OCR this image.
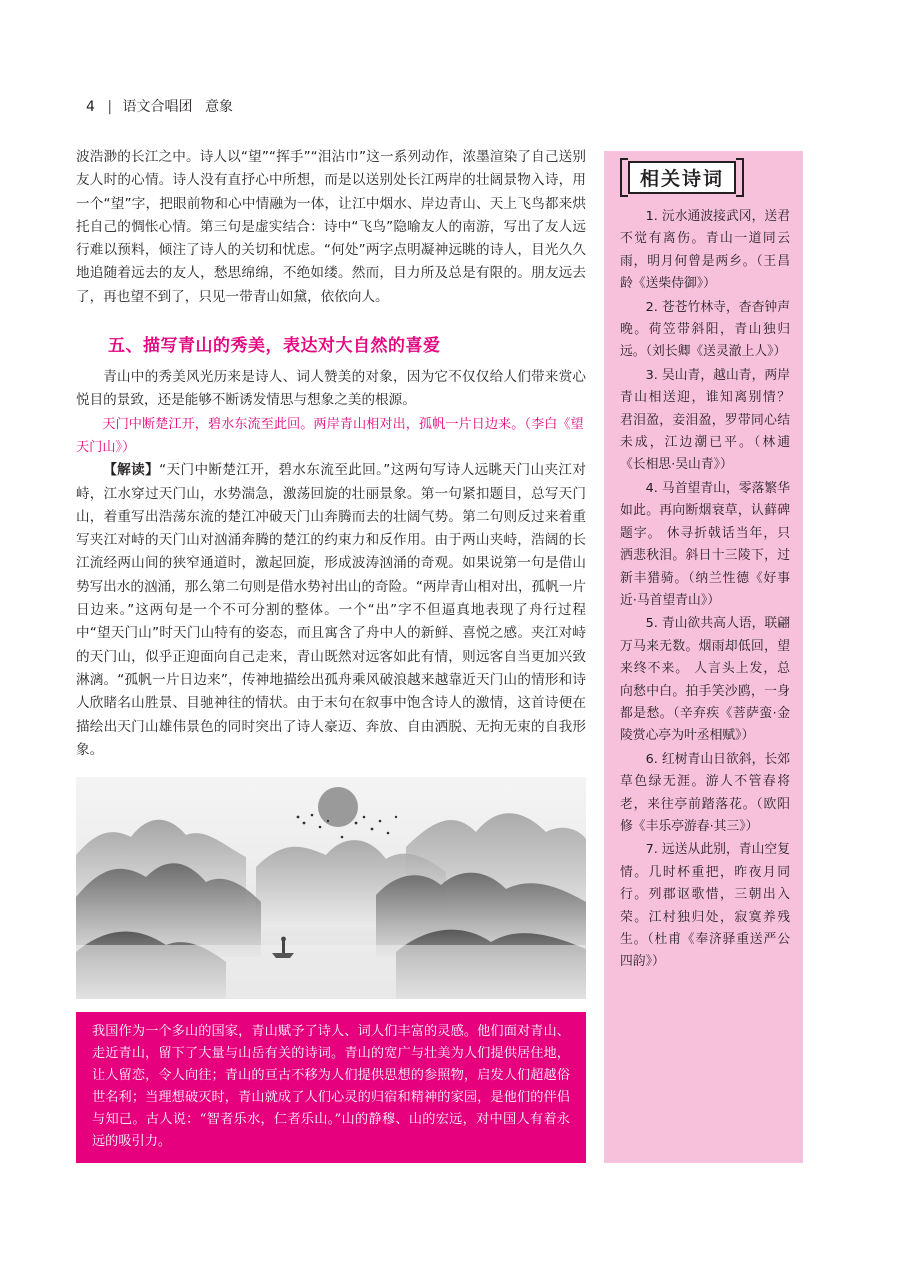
4 | 语文合唱团 意象

波浩渺的长江之中。诗人以“望”“挥手”“泪沾巾”这一系列动作，浓墨渲染了自己送别友人时的心情。诗人没有直抒心中所想，而是以送别处长江两岸的壮阔景物入诗，用一个“望”字，把眼前物和心中情融为一体，让江中烟水、岸边青山、天上飞鸟都来烘托自己的惆怅心情。第三句是虚实结合：诗中“飞鸟”隐喻友人的南游，写出了友人远行难以预料，倾注了诗人的关切和忧虑。“何处”两字点明凝神远眺的诗人，目光久久地追随着远去的友人，愁思绵绵，不绝如缕。然而，目力所及总是有限的。朋友远去了，再也望不到了，只见一带青山如黛，依依向人。

五、描写青山的秀美，表达对大自然的喜爱

青山中的秀美风光历来是诗人、词人赞美的对象，因为它不仅仅给人们带来赏心悦目的景致，还是能够不断诱发情思与想象之美的根源。

天门中断楚江开，碧水东流至此回。两岸青山相对出，孤帆一片日边来。（李白《望天门山》）

【解读】“天门中断楚江开，碧水东流至此回。”这两句写诗人远眺天门山夹江对峙，江水穿过天门山，水势湍急，激荡回旋的壮丽景象。第一句紧扣题目，总写天门山，着重写出浩荡东流的楚江冲破天门山奔腾而去的壮阔气势。第二句则反过来着重写夹江对峙的天门山对汹涌奔腾的楚江的约束力和反作用。由于两山夹峙，浩阔的长江流经两山间的狭窄通道时，激起回旋，形成波涛汹涌的奇观。如果说第一句是借山势写出水的汹涌，那么第二句则是借水势衬出山的奇险。“两岸青山相对出，孤帆一片日边来。”这两句是一个不可分割的整体。一个“出”字不但逼真地表现了舟行过程中“望天门山”时天门山特有的姿态，而且寓含了舟中人的新鲜、喜悦之感。夹江对峙的天门山，似乎正迎面向自己走来，青山既然对远客如此有情，则远客自当更加兴致淋漓。“孤帆一片日边来”，传神地描绘出孤舟乘风破浪越来越靠近天门山的情形和诗人欣睹名山胜景、目驰神往的情状。由于末句在叙事中饱含诗人的激情，这首诗便在描绘出天门山雄伟景色的同时突出了诗人豪迈、奔放、自由洒脱、无拘无束的自我形象。

我国作为一个多山的国家，青山赋予了诗人、词人们丰富的灵感。他们面对青山、走近青山，留下了大量与山岳有关的诗词。青山的宽广与壮美为人们提供居住地，让人留恋，令人向往；青山的亘古不移为人们提供思想的参照物，启发人们超越俗世名利；当理想破灭时，青山就成了人们心灵的归宿和精神的家园，是他们的伴侣与知己。古人说：“智者乐水，仁者乐山。”山的静穆、山的宏远，对中国人有着永远的吸引力。
相关诗词

1. 沅水通波接武冈，送君不觉有离伤。青山一道同云雨，明月何曾是两乡。（王昌龄《送柴侍御》）

2. 苍苍竹林寺，杳杳钟声晚。荷笠带斜阳，青山独归远。（刘长卿《送灵澈上人》）

3. 吴山青，越山青，两岸青山相送迎，谁知离别情？ 君泪盈，妾泪盈，罗带同心结未成，江边潮已平。（林逋《长相思·吴山青》）

4. 马首望青山，零落繁华如此。再向断烟衰草，认藓碑题字。 休寻折戟话当年，只洒悲秋泪。斜日十三陵下，过新丰猎骑。（纳兰性德《好事近·马首望青山》）

5. 青山欲共高人语，联翩万马来无数。烟雨却低回，望来终不来。 人言头上发，总向愁中白。拍手笑沙鸥，一身都是愁。（辛弃疾《菩萨蛮·金陵赏心亭为叶丞相赋》）

6. 红树青山日欲斜，长郊草色绿无涯。游人不管春将老，来往亭前踏落花。（欧阳修《丰乐亭游春·其三》）

7. 远送从此别，青山空复情。几时杯重把，昨夜月同行。列郡讴歌惜，三朝出入荣。江村独归处，寂寞养残生。（杜甫《奉济驿重送严公四韵》）
